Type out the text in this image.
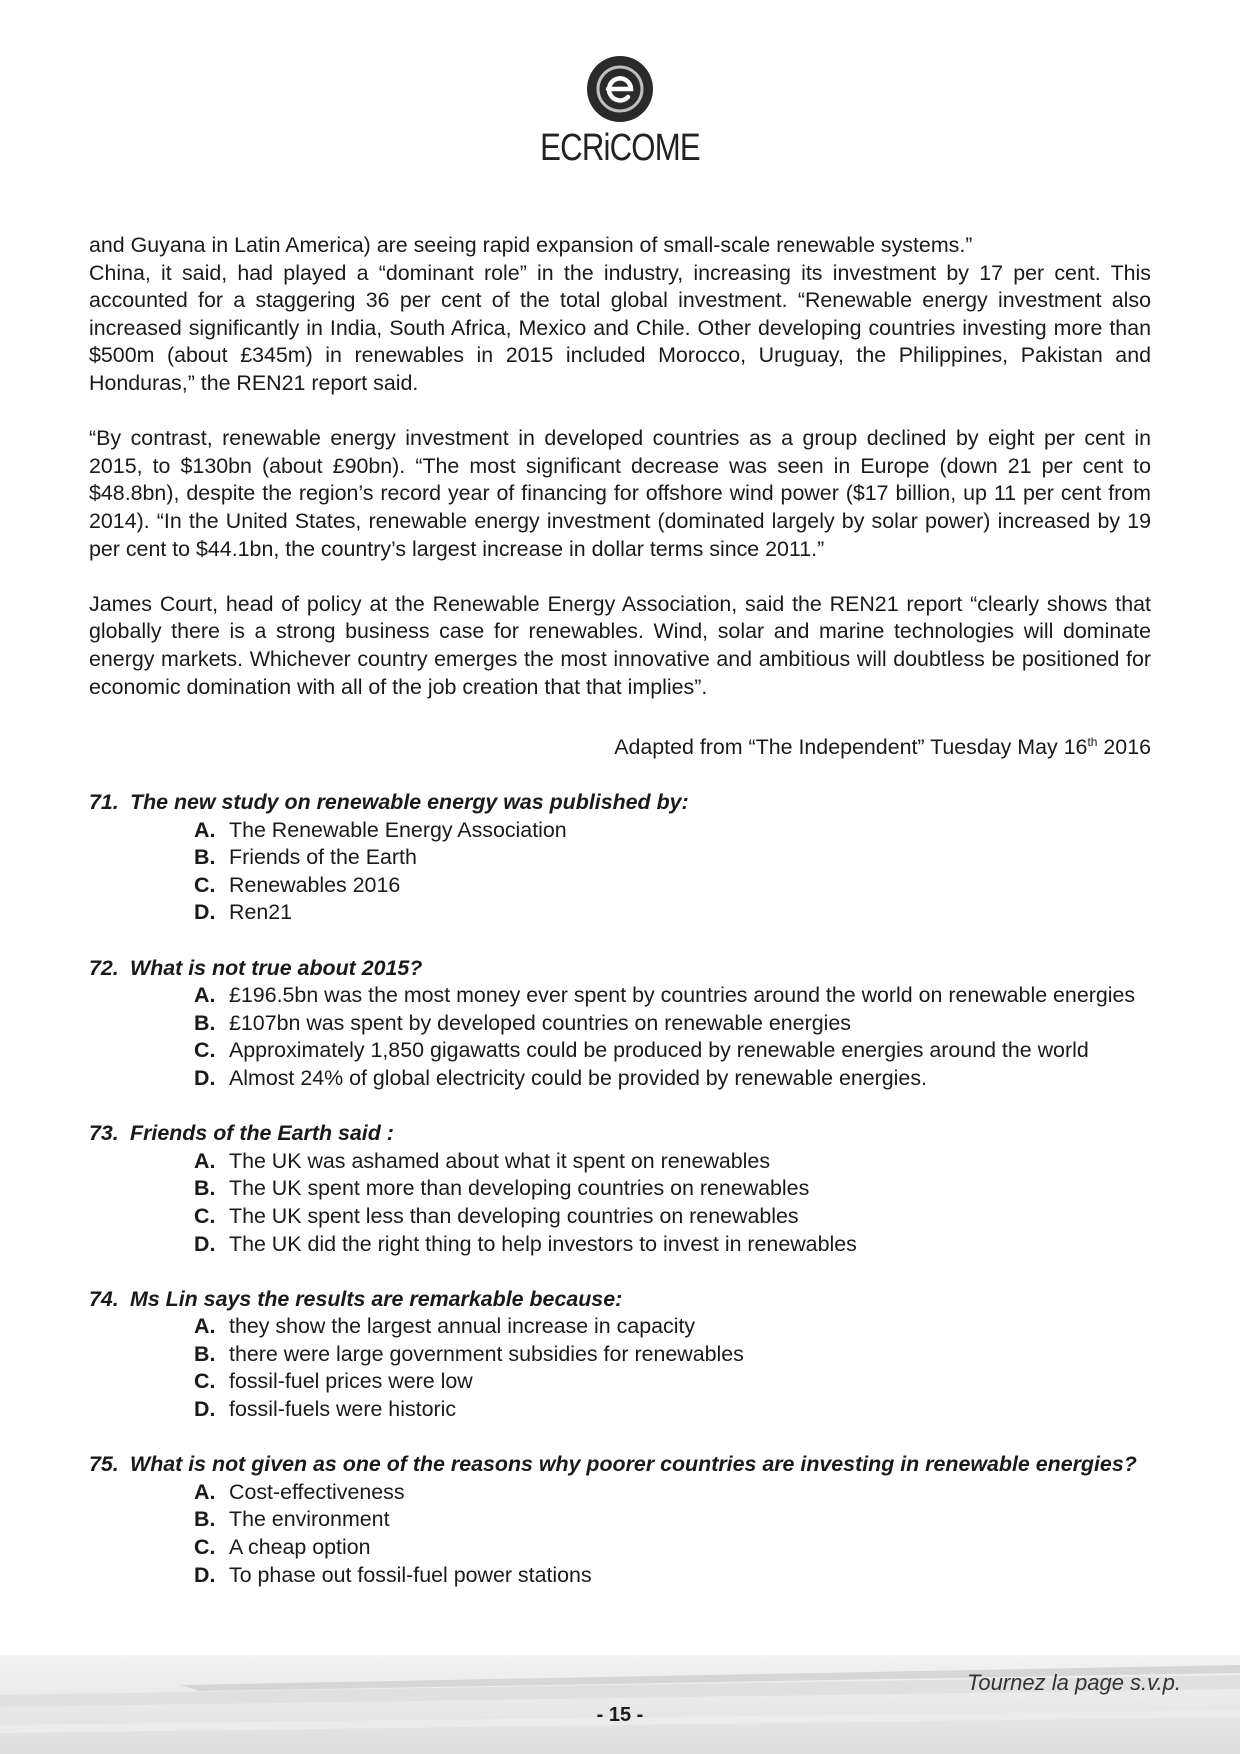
ECRiCOME

and Guyana in Latin America) are seeing rapid expansion of small-scale renewable systems.”

China, it said, had played a “dominant role” in the industry, increasing its investment by 17 per cent. This accounted for a staggering 36 per cent of the total global investment. “Renewable energy investment also increased significantly in India, South Africa, Mexico and Chile. Other developing countries investing more than $500m (about £345m) in renewables in 2015 included Morocco, Uruguay, the Philippines, Pakistan and Honduras,” the REN21 report said.

“By contrast, renewable energy investment in developed countries as a group declined by eight per cent in 2015, to $130bn (about £90bn). “The most significant decrease was seen in Europe (down 21 per cent to $48.8bn), despite the region’s record year of financing for offshore wind power ($17 billion, up 11 per cent from 2014). “In the United States, renewable energy investment (dominated largely by solar power) increased by 19 per cent to $44.1bn, the country’s largest increase in dollar terms since 2011.”

James Court, head of policy at the Renewable Energy Association, said the REN21 report “clearly shows that globally there is a strong business case for renewables. Wind, solar and marine technologies will dominate energy markets. Whichever country emerges the most innovative and ambitious will doubtless be positioned for economic domination with all of the job creation that that implies”.

Adapted from “The Independent” Tuesday May 16th 2016

71. The new study on renewable energy was published by:

A. The Renewable Energy Association
B. Friends of the Earth
C. Renewables 2016
D. Ren21

72. What is not true about 2015?

A. £196.5bn was the most money ever spent by countries around the world on renewable energies
B. £107bn was spent by developed countries on renewable energies
C. Approximately 1,850 gigawatts could be produced by renewable energies around the world
D. Almost 24% of global electricity could be provided by renewable energies.

73. Friends of the Earth said :

A. The UK was ashamed about what it spent on renewables
B. The UK spent more than developing countries on renewables
C. The UK spent less than developing countries on renewables
D. The UK did the right thing to help investors to invest in renewables

74. Ms Lin says the results are remarkable because:

A. they show the largest annual increase in capacity
B. there were large government subsidies for renewables
C. fossil-fuel prices were low
D. fossil-fuels were historic

75. What is not given as one of the reasons why poorer countries are investing in renewable energies?

A. Cost-effectiveness
B. The environment
C. A cheap option
D. To phase out fossil-fuel power stations
Tournez la page s.v.p.
- 15 -
